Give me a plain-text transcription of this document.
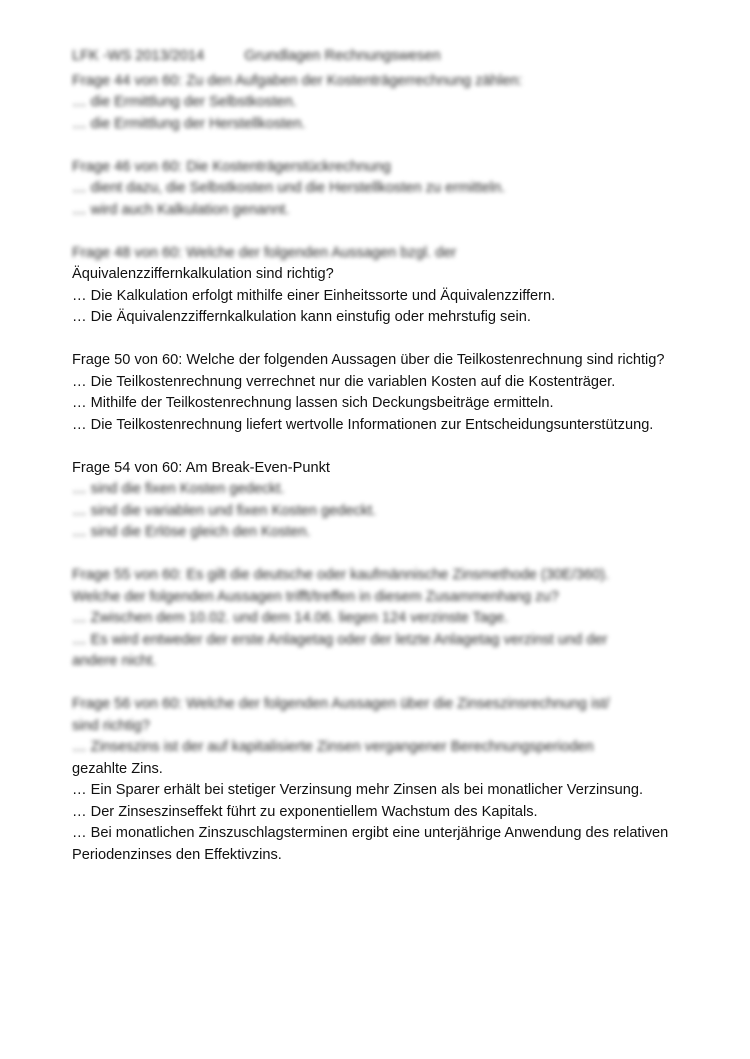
LFK -WS 2013/2014	Grundlagen Rechnungswesen
Frage 44 von 60: Zu den Aufgaben der Kostenträgerrechnung zählen:
… die Ermittlung der Selbstkosten.
… die Ermittlung der Herstellkosten.
Frage 46 von 60: Die Kostenträgerstückrechnung
… dient dazu, die Selbstkosten und die Herstellkosten zu ermitteln.
… wird auch Kalkulation genannt.
Frage 48 von 60: Welche der folgenden Aussagen bzgl. der
Äquivalenzziffernkalkulation sind richtig?
… Die Kalkulation erfolgt mithilfe einer Einheitssorte und Äquivalenzziffern.
… Die Äquivalenzziffernkalkulation kann einstufig oder mehrstufig sein.
Frage 50 von 60: Welche der folgenden Aussagen über die Teilkostenrechnung sind richtig?
… Die Teilkostenrechnung verrechnet nur die variablen Kosten auf die Kostenträger.
… Mithilfe der Teilkostenrechnung lassen sich Deckungsbeiträge ermitteln.
… Die Teilkostenrechnung liefert wertvolle Informationen zur Entscheidungsunterstützung.
Frage 54 von 60: Am Break-Even-Punkt
… sind die fixen Kosten gedeckt.
… sind die variablen und fixen Kosten gedeckt.
… sind die Erlöse gleich den Kosten.
Frage 55 von 60: Es gilt die deutsche oder kaufmännische Zinsmethode (30E/360).
Welche der folgenden Aussagen trifft/treffen in diesem Zusammenhang zu?
… Zwischen dem 10.02. und dem 14.06. liegen 124 verzinste Tage.
… Es wird entweder der erste Anlagetag oder der letzte Anlagetag verzinst und der
andere nicht.
Frage 56 von 60: Welche der folgenden Aussagen über die Zinseszinsrechnung ist/
sind richtig?
… Zinseszins ist der auf kapitalisierte Zinsen vergangener Berechnungsperioden
gezahlte Zins.
… Ein Sparer erhält bei stetiger Verzinsung mehr Zinsen als bei monatlicher Verzinsung.
… Der Zinseszinseffekt führt zu exponentiellem Wachstum des Kapitals.
… Bei monatlichen Zinszuschlagsterminen ergibt eine unterjährige Anwendung des relativen Periodenzinses den Effektivzins.
